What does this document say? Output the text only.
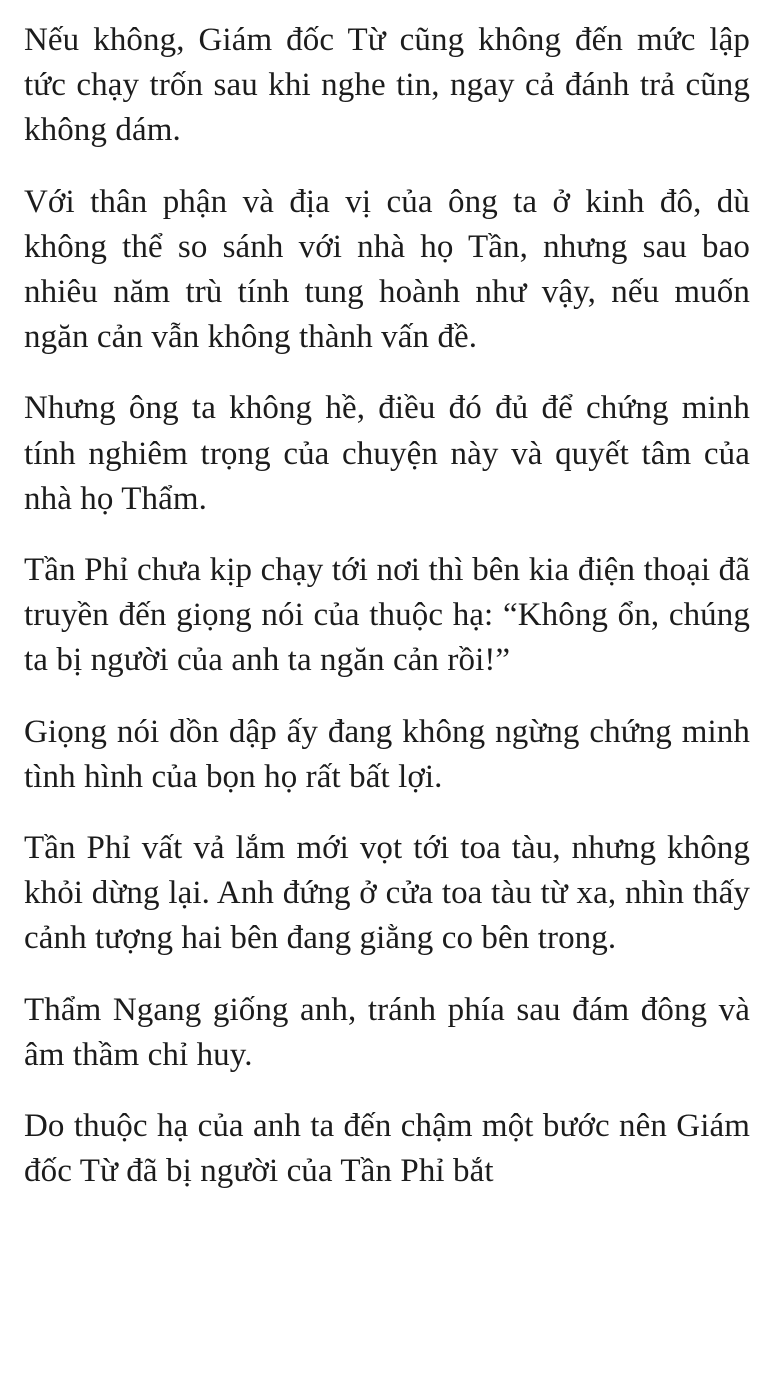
Nếu không, Giám đốc Từ cũng không đến mức lập tức chạy trốn sau khi nghe tin, ngay cả đánh trả cũng không dám.

Với thân phận và địa vị của ông ta ở kinh đô, dù không thể so sánh với nhà họ Tần, nhưng sau bao nhiêu năm trù tính tung hoành như vậy, nếu muốn ngăn cản vẫn không thành vấn đề.

Nhưng ông ta không hề, điều đó đủ để chứng minh tính nghiêm trọng của chuyện này và quyết tâm của nhà họ Thẩm.

Tần Phỉ chưa kịp chạy tới nơi thì bên kia điện thoại đã truyền đến giọng nói của thuộc hạ: “Không ổn, chúng ta bị người của anh ta ngăn cản rồi!”

Giọng nói dồn dập ấy đang không ngừng chứng minh tình hình của bọn họ rất bất lợi.

Tần Phỉ vất vả lắm mới vọt tới toa tàu, nhưng không khỏi dừng lại. Anh đứng ở cửa toa tàu từ xa, nhìn thấy cảnh tượng hai bên đang giằng co bên trong.

Thẩm Ngang giống anh, tránh phía sau đám đông và âm thầm chỉ huy.

Do thuộc hạ của anh ta đến chậm một bước nên Giám đốc Từ đã bị người của Tần Phỉ bắt
